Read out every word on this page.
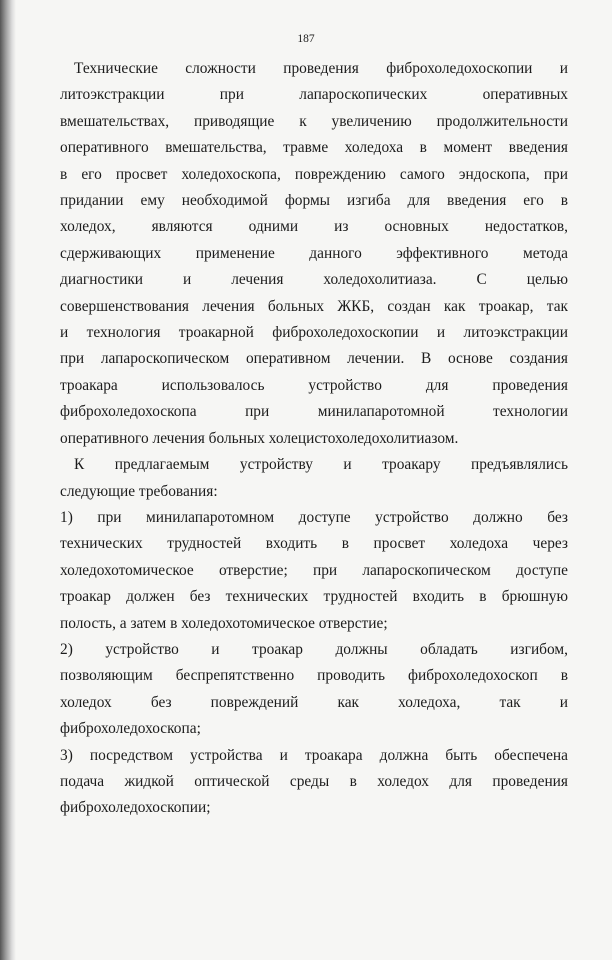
187
Технические сложности проведения фиброхоледохоскопии и
литоэкстракции при лапароскопических оперативных
вмешательствах, приводящие к увеличению продолжительности
оперативного вмешательства, травме холедоха в момент введения
в его просвет холедохоскопа, повреждению самого эндоскопа, при
придании ему необходимой формы изгиба для введения его в
холедох, являются одними из основных недостатков,
сдерживающих применение данного эффективного метода
диагностики и лечения холедохолитиаза. С целью
совершенствования лечения больных ЖКБ, создан как троакар, так
и технология троакарной фиброхоледохоскопии и литоэкстракции
при лапароскопическом оперативном лечении. В основе создания
троакара использовалось устройство для проведения
фиброхоледохоскопа при минилапаротомной технологии
оперативного лечения больных холецистохоледохолитиазом.
К предлагаемым устройству и троакару предъявлялись
следующие требования:
1) при минилапаротомном доступе устройство должно без
технических трудностей входить в просвет холедоха через
холедохотомическое отверстие; при лапароскопическом доступе
троакар должен без технических трудностей входить в брюшную
полость, а затем в холедохотомическое отверстие;
2) устройство и троакар должны обладать изгибом,
позволяющим беспрепятственно проводить фиброхоледохоскоп в
холедох без повреждений как холедоха, так и
фиброхоледохоскопа;
3) посредством устройства и троакара должна быть обеспечена
подача жидкой оптической среды в холедох для проведения
фиброхоледохоскопии;
